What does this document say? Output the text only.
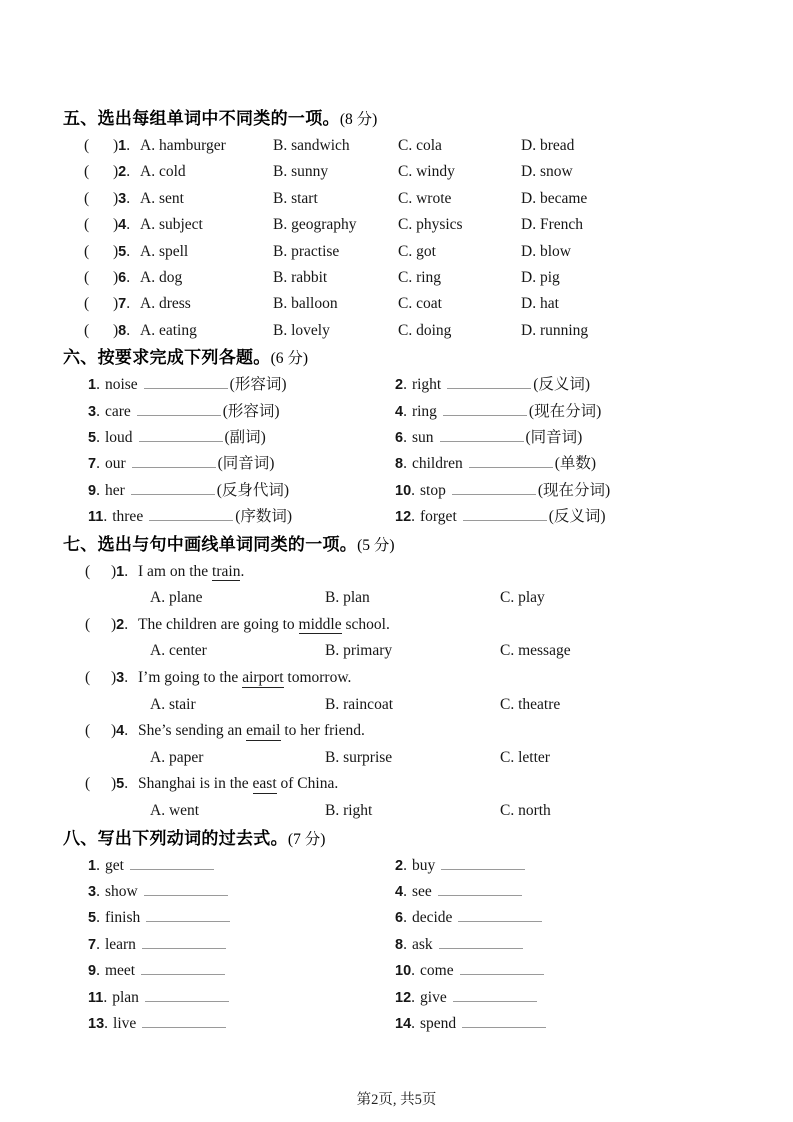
五、选出每组单词中不同类的一项。(8 分)
(	)1. A. hamburger	B. sandwich	C. cola	D. bread
(	)2. A. cold	B. sunny	C. windy	D. snow
(	)3. A. sent	B. start	C. wrote	D. became
(	)4. A. subject	B. geography	C. physics	D. French
(	)5. A. spell	B. practise	C. got	D. blow
(	)6. A. dog	B. rabbit	C. ring	D. pig
(	)7. A. dress	B. balloon	C. coat	D. hat
(	)8. A. eating	B. lovely	C. doing	D. running
六、按要求完成下列各题。(6 分)
1. noise	(形容词)	2. right	(反义词)
3. care	(形容词)	4. ring	(现在分词)
5. loud	(副词)	6. sun	(同音词)
7. our	(同音词)	8. children	(单数)
9. her	(反身代词)	10. stop	(现在分词)
11. three	(序数词)	12. forget	(反义词)
七、选出与句中画线单词同类的一项。(5 分)
(	)1. I am on the train.
A. plane	B. plan	C. play
(	)2. The children are going to middle school.
A. center	B. primary	C. message
(	)3. I’m going to the airport tomorrow.
A. stair	B. raincoat	C. theatre
(	)4. She’s sending an email to her friend.
A. paper	B. surprise	C. letter
(	)5. Shanghai is in the east of China.
A. went	B. right	C. north
八、写出下列动词的过去式。(7 分)
1. get	2. buy
3. show	4. see
5. finish	6. decide
7. learn	8. ask
9. meet	10. come
11. plan	12. give
13. live	14. spend
第2页, 共5页
